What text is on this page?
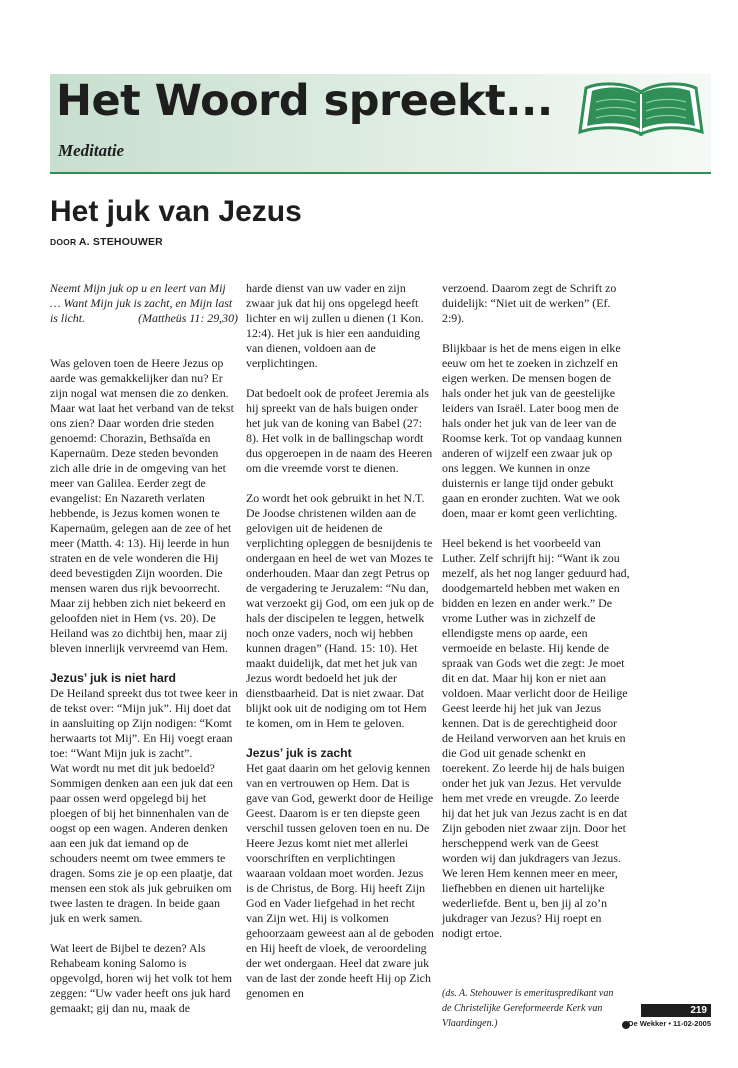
Het Woord spreekt...
Meditatie
Het juk van Jezus
DOOR A. STEHOUWER

Neemt Mijn juk op u en leert van Mij … Want Mijn juk is zacht, en Mijn last is licht.	(Mattheüs 11: 29,30)

Was geloven toen de Heere Jezus op aarde was gemakkelijker dan nu? Er zijn nogal wat mensen die zo denken. Maar wat laat het verband van de tekst ons zien? Daar worden drie steden genoemd: Chorazin, Bethsaïda en Kapernaüm. Deze steden bevonden zich alle drie in de omgeving van het meer van Galilea. Eerder zegt de evangelist: En Nazareth verlaten hebbende, is Jezus komen wonen te Kapernaüm, gelegen aan de zee of het meer (Matth. 4: 13). Hij leerde in hun straten en de vele wonderen die Hij deed bevestigden Zijn woorden. Die mensen waren dus rijk bevoorrecht. Maar zij hebben zich niet bekeerd en geloofden niet in Hem (vs. 20). De Heiland was zo dichtbij hen, maar zij bleven innerlijk vervreemd van Hem.

Jezus’ juk is niet hard

De Heiland spreekt dus tot twee keer in de tekst over: “Mijn juk”. Hij doet dat in aansluiting op Zijn nodigen: “Komt herwaarts tot Mij”. En Hij voegt eraan toe: “Want Mijn juk is zacht”.

Wat wordt nu met dit juk bedoeld? Sommigen denken aan een juk dat een paar ossen werd opgelegd bij het ploegen of bij het binnenhalen van de oogst op een wagen. Anderen denken aan een juk dat iemand op de schouders neemt om twee emmers te dragen. Soms zie je op een plaatje, dat mensen een stok als juk gebruiken om twee lasten te dragen. In beide gaan juk en werk samen.

Wat leert de Bijbel te dezen? Als Rehabeam koning Salomo is opgevolgd, horen wij het volk tot hem zeggen: “Uw vader heeft ons juk hard gemaakt; gij dan nu, maak de

harde dienst van uw vader en zijn zwaar juk dat hij ons opgelegd heeft lichter en wij zullen u dienen (1 Kon. 12:4). Het juk is hier een aanduiding van dienen, voldoen aan de verplichtingen.

Dat bedoelt ook de profeet Jeremia als hij spreekt van de hals buigen onder het juk van de koning van Babel (27: 8). Het volk in de ballingschap wordt dus opgeroepen in de naam des Heeren om die vreemde vorst te dienen.

Zo wordt het ook gebruikt in het N.T. De Joodse christenen wilden aan de gelovigen uit de heidenen de verplichting opleggen de besnijdenis te ondergaan en heel de wet van Mozes te onderhouden. Maar dan zegt Petrus op de vergadering te Jeruzalem: “Nu dan, wat verzoekt gij God, om een juk op de hals der discipelen te leggen, hetwelk noch onze vaders, noch wij hebben kunnen dragen” (Hand. 15: 10). Het maakt duidelijk, dat met het juk van Jezus wordt bedoeld het juk der dienstbaarheid. Dat is niet zwaar. Dat blijkt ook uit de nodiging om tot Hem te komen, om in Hem te geloven.

Jezus’ juk is zacht

Het gaat daarin om het gelovig kennen van en vertrouwen op Hem. Dat is gave van God, gewerkt door de Heilige Geest. Daarom is er ten diepste geen verschil tussen geloven toen en nu. De Heere Jezus komt niet met allerlei voorschriften en verplichtingen waaraan voldaan moet worden. Jezus is de Christus, de Borg. Hij heeft Zijn God en Vader liefgehad in het recht van Zijn wet. Hij is volkomen gehoorzaam geweest aan al de geboden en Hij heeft de vloek, de veroordeling der wet ondergaan. Heel dat zware juk van de last der zonde heeft Hij op Zich genomen en

verzoend. Daarom zegt de Schrift zo duidelijk: “Niet uit de werken” (Ef. 2:9).

Blijkbaar is het de mens eigen in elke eeuw om het te zoeken in zichzelf en eigen werken. De mensen bogen de hals onder het juk van de geestelijke leiders van Israël. Later boog men de hals onder het juk van de leer van de Roomse kerk. Tot op vandaag kunnen anderen of wijzelf een zwaar juk op ons leggen. We kunnen in onze duisternis er lange tijd onder gebukt gaan en eronder zuchten. Wat we ook doen, maar er komt geen verlichting.

Heel bekend is het voorbeeld van Luther. Zelf schrijft hij: “Want ik zou mezelf, als het nog langer geduurd had, doodgemarteld hebben met waken en bidden en lezen en ander werk.” De vrome Luther was in zichzelf de ellendigste mens op aarde, een vermoeide en belaste. Hij kende de spraak van Gods wet die zegt: Je moet dit en dat. Maar hij kon er niet aan voldoen. Maar verlicht door de Heilige Geest leerde hij het juk van Jezus kennen. Dat is de gerechtigheid door de Heiland verworven aan het kruis en die God uit genade schenkt en toerekent. Zo leerde hij de hals buigen onder het juk van Jezus. Het vervulde hem met vrede en vreugde. Zo leerde hij dat het juk van Jezus zacht is en dat Zijn geboden niet zwaar zijn. Door het herscheppend werk van de Geest worden wij dan jukdragers van Jezus. We leren Hem kennen meer en meer, liefhebben en dienen uit hartelijke wederliefde. Bent u, ben jij al zo’n jukdrager van Jezus? Hij roept en nodigt ertoe.

(ds. A. Stehouwer is emerituspredikant van de Christelijke Gereformeerde Kerk van Vlaardingen.)
219
De Wekker • 11-02-2005
